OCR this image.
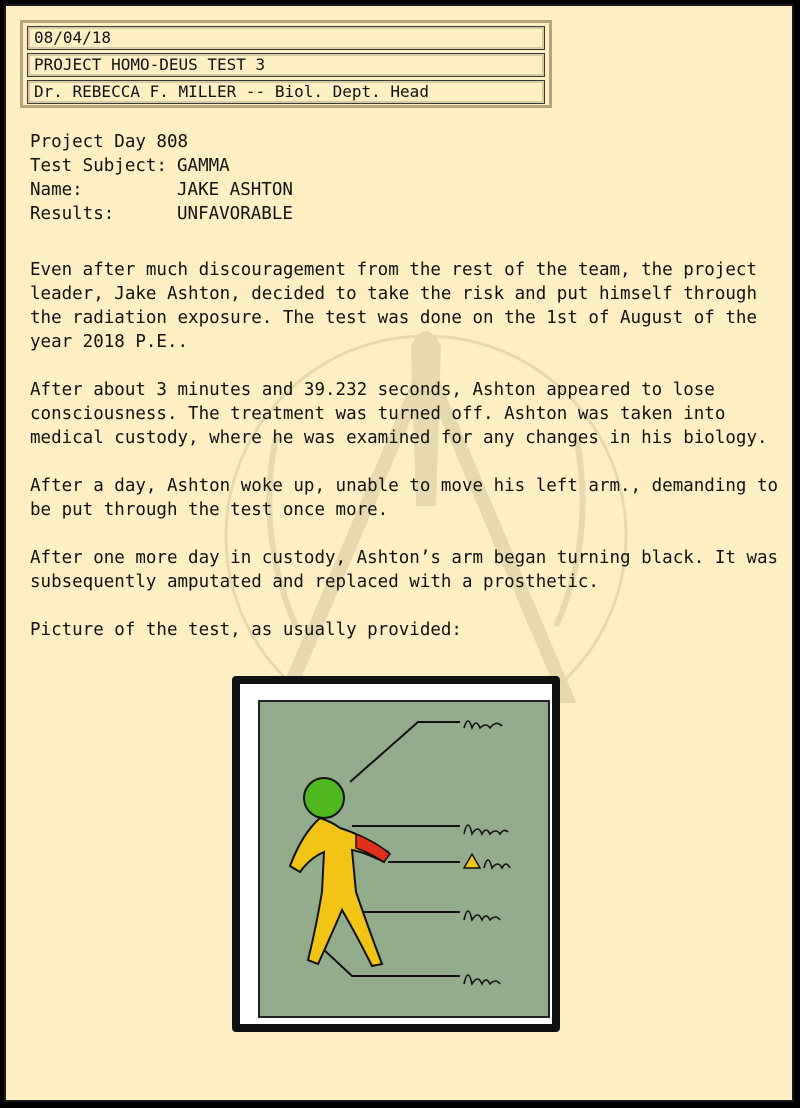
08/04/18
PROJECT HOMO-DEUS TEST 3
Dr. REBECCA F. MILLER -- Biol. Dept. Head
Project Day 808
Test Subject: GAMMA
Name:	JAKE ASHTON
Results:	UNFAVORABLE

Even after much discouragement from the rest of the team, the project leader, Jake Ashton, decided to take the risk and put himself through the radiation exposure. The test was done on the 1st of August of the year 2018 P.E..

After about 3 minutes and 39.232 seconds, Ashton appeared to lose consciousness. The treatment was turned off. Ashton was taken into medical custody, where he was examined for any changes in his biology.

After a day, Ashton woke up, unable to move his left arm., demanding to be put through the test once more.

After one more day in custody, Ashton’s arm began turning black. It was subsequently amputated and replaced with a prosthetic.

Picture of the test, as usually provided:
